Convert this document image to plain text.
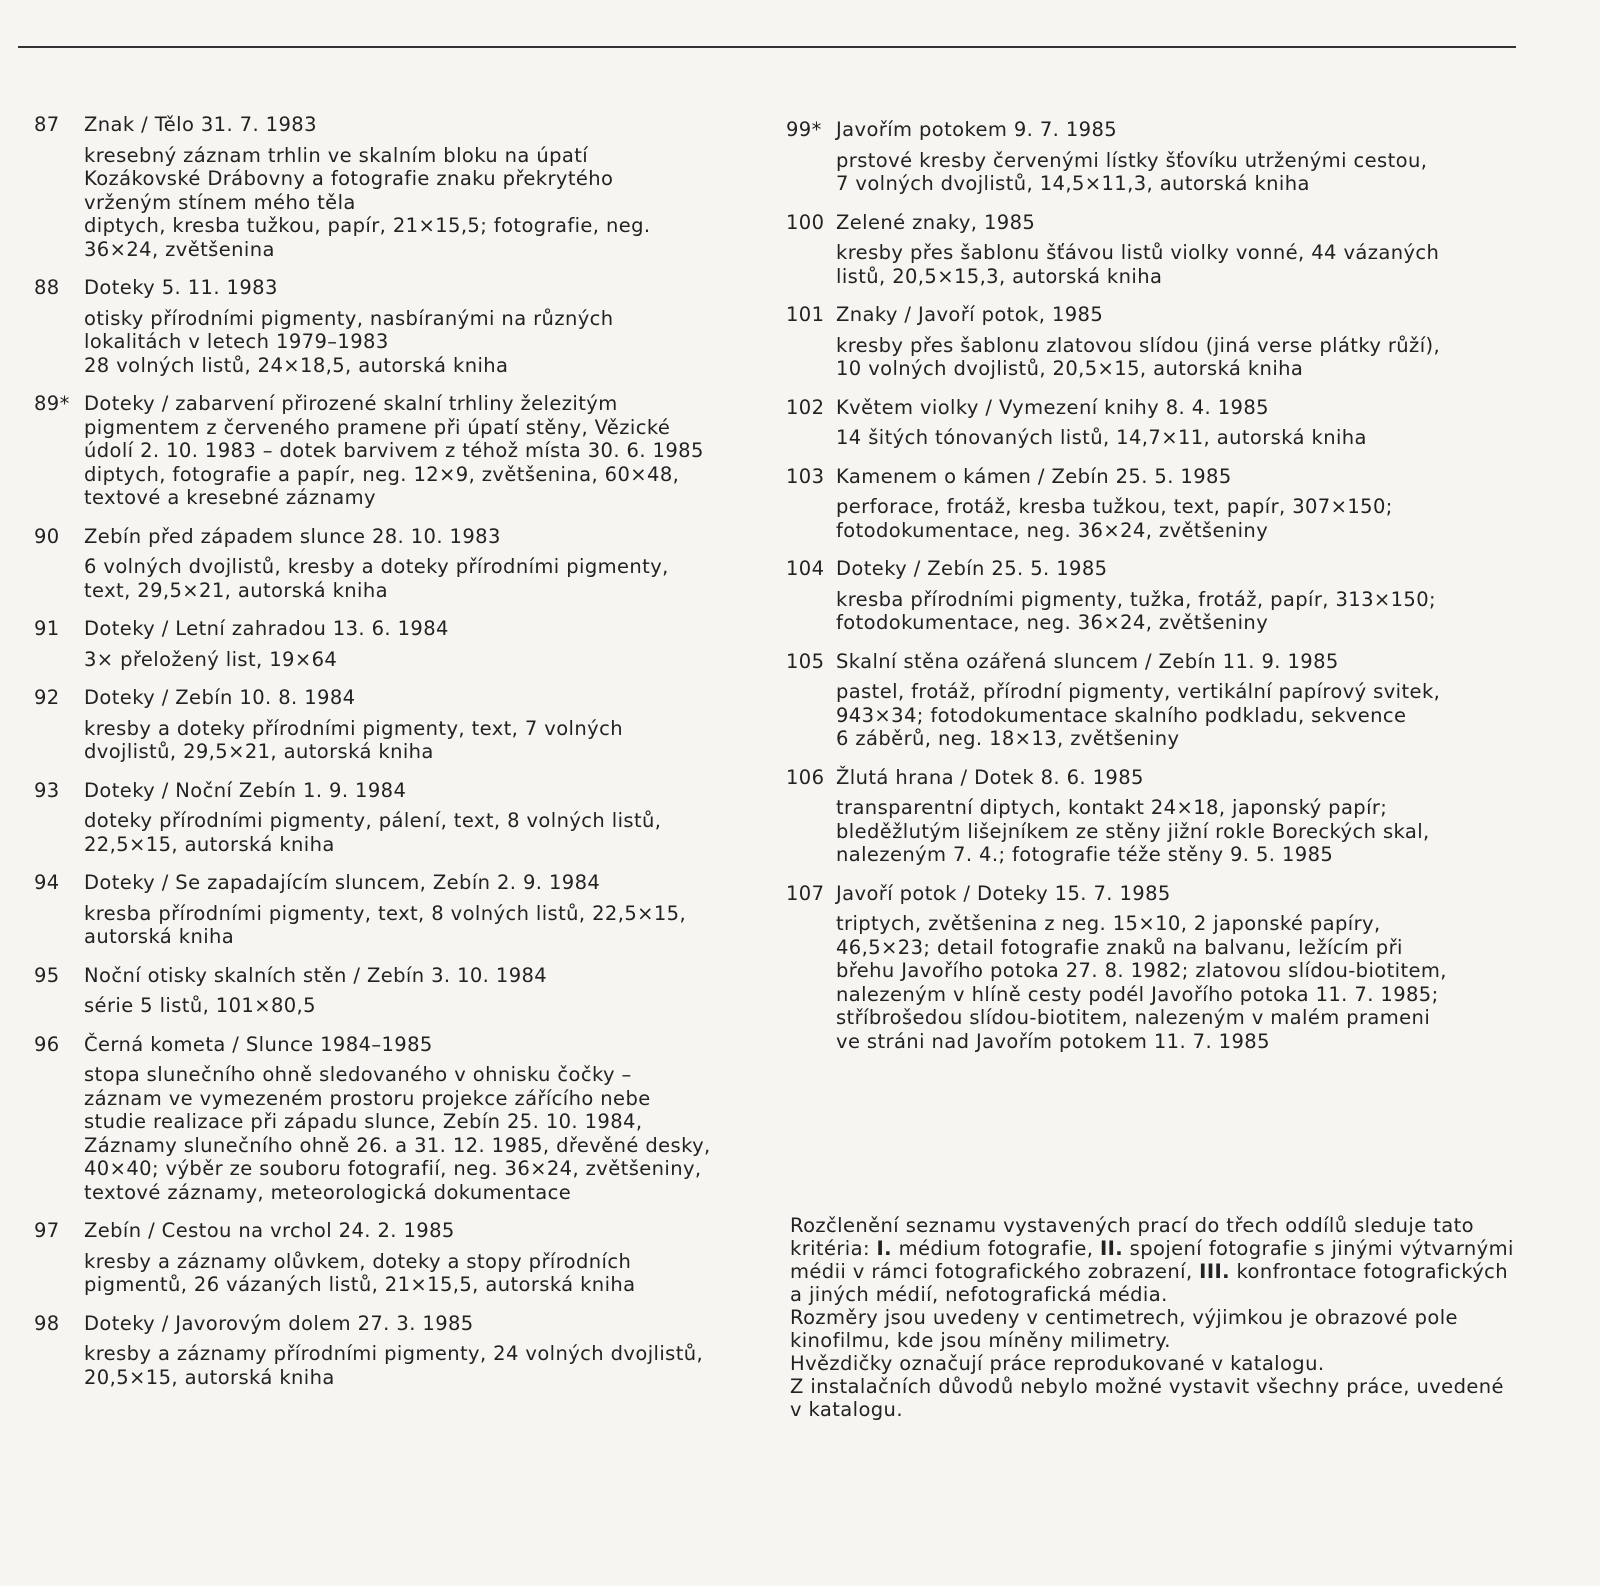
87	Znak / Tělo 31. 7. 1983
kresebný záznam trhlin ve skalním bloku na úpatí
Kozákovské Drábovny a fotografie znaku překrytého
vrženým stínem mého těla
diptych, kresba tužkou, papír, 21×15,5; fotografie, neg.
36×24, zvětšenina
88	Doteky 5. 11. 1983
otisky přírodními pigmenty, nasbíranými na různých
lokalitách v letech 1979–1983
28 volných listů, 24×18,5, autorská kniha
89* Doteky / zabarvení přirozené skalní trhliny železitým
pigmentem z červeného pramene při úpatí stěny, Vězické
údolí 2. 10. 1983 – dotek barvivem z téhož místa 30. 6. 1985
diptych, fotografie a papír, neg. 12×9, zvětšenina, 60×48,
textové a kresebné záznamy
90	Zebín před západem slunce 28. 10. 1983
6 volných dvojlistů, kresby a doteky přírodními pigmenty,
text, 29,5×21, autorská kniha
91	Doteky / Letní zahradou 13. 6. 1984
3× přeložený list, 19×64
92	Doteky / Zebín 10. 8. 1984
kresby a doteky přírodními pigmenty, text, 7 volných
dvojlistů, 29,5×21, autorská kniha
93	Doteky / Noční Zebín 1. 9. 1984
doteky přírodními pigmenty, pálení, text, 8 volných listů,
22,5×15, autorská kniha
94	Doteky / Se zapadajícím sluncem, Zebín 2. 9. 1984
kresba přírodními pigmenty, text, 8 volných listů, 22,5×15,
autorská kniha
95	Noční otisky skalních stěn / Zebín 3. 10. 1984
série 5 listů, 101×80,5
96	Černá kometa / Slunce 1984–1985
stopa slunečního ohně sledovaného v ohnisku čočky –
záznam ve vymezeném prostoru projekce zářícího nebe
studie realizace při západu slunce, Zebín 25. 10. 1984,
Záznamy slunečního ohně 26. a 31. 12. 1985, dřevěné desky,
40×40; výběr ze souboru fotografií, neg. 36×24, zvětšeniny,
textové záznamy, meteorologická dokumentace
97	Zebín / Cestou na vrchol 24. 2. 1985
kresby a záznamy olůvkem, doteky a stopy přírodních
pigmentů, 26 vázaných listů, 21×15,5, autorská kniha
98	Doteky / Javorovým dolem 27. 3. 1985
kresby a záznamy přírodními pigmenty, 24 volných dvojlistů,
20,5×15, autorská kniha
99* Javořím potokem 9. 7. 1985
prstové kresby červenými lístky šťovíku utrženými cestou,
7 volných dvojlistů, 14,5×11,3, autorská kniha
100 Zelené znaky, 1985
kresby přes šablonu šťávou listů violky vonné, 44 vázaných
listů, 20,5×15,3, autorská kniha
101 Znaky / Javoří potok, 1985
kresby přes šablonu zlatovou slídou (jiná verse plátky růží),
10 volných dvojlistů, 20,5×15, autorská kniha
102 Květem violky / Vymezení knihy 8. 4. 1985
14 šitých tónovaných listů, 14,7×11, autorská kniha
103 Kamenem o kámen / Zebín 25. 5. 1985
perforace, frotáž, kresba tužkou, text, papír, 307×150;
fotodokumentace, neg. 36×24, zvětšeniny
104 Doteky / Zebín 25. 5. 1985
kresba přírodními pigmenty, tužka, frotáž, papír, 313×150;
fotodokumentace, neg. 36×24, zvětšeniny
105 Skalní stěna ozářená sluncem / Zebín 11. 9. 1985
pastel, frotáž, přírodní pigmenty, vertikální papírový svitek,
943×34; fotodokumentace skalního podkladu, sekvence
6 záběrů, neg. 18×13, zvětšeniny
106 Žlutá hrana / Dotek 8. 6. 1985
transparentní diptych, kontakt 24×18, japonský papír;
bleděžlutým lišejníkem ze stěny jižní rokle Boreckých skal,
nalezeným 7. 4.; fotografie téže stěny 9. 5. 1985
107 Javoří potok / Doteky 15. 7. 1985
triptych, zvětšenina z neg. 15×10, 2 japonské papíry,
46,5×23; detail fotografie znaků na balvanu, ležícím při
břehu Javořího potoka 27. 8. 1982; zlatovou slídou-biotitem,
nalezeným v hlíně cesty podél Javořího potoka 11. 7. 1985;
stříbrošedou slídou-biotitem, nalezeným v malém prameni
ve stráni nad Javořím potokem 11. 7. 1985

Rozčlenění seznamu vystavených prací do třech oddílů sleduje tato kritéria: I. médium fotografie, II. spojení fotografie s jinými výtvarnými médii v rámci fotografického zobrazení, III. konfrontace fotografických a jiných médií, nefotografická média.

Rozměry jsou uvedeny v centimetrech, výjimkou je obrazové pole kinofilmu, kde jsou míněny milimetry.

Hvězdičky označují práce reprodukované v katalogu.

Z instalačních důvodů nebylo možné vystavit všechny práce, uvedené v katalogu.
